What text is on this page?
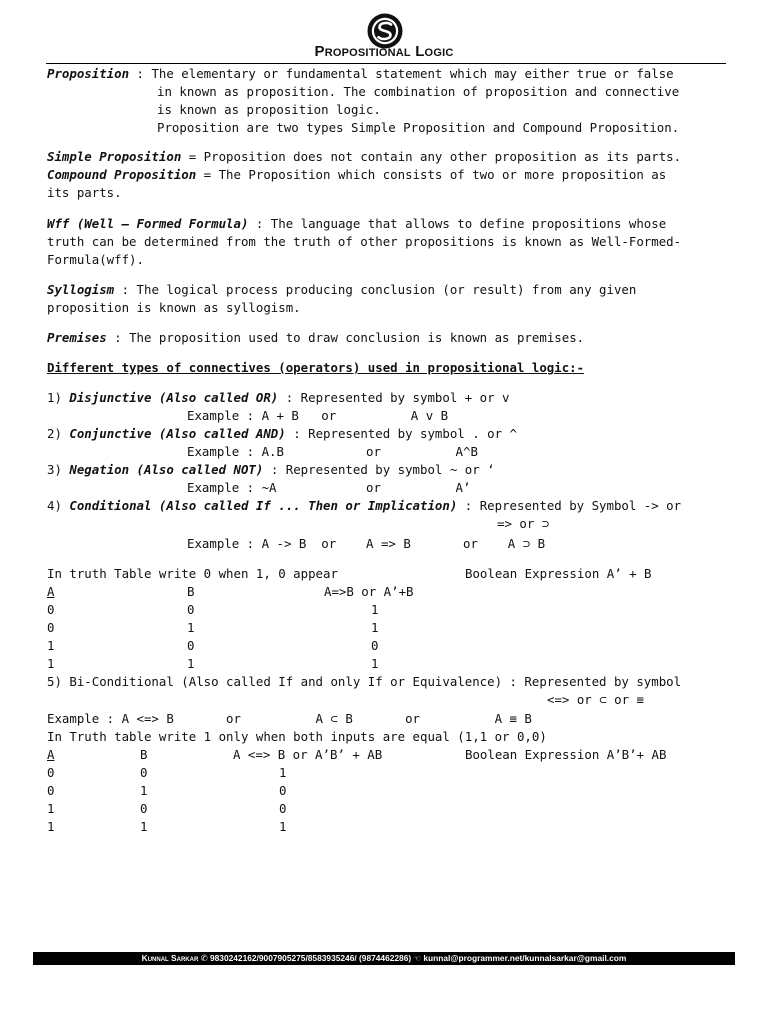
Propositional Logic
Proposition : The elementary or fundamental statement which may either true or false
in known as proposition. The combination of proposition and connective
is known as proposition logic.
Proposition are two types Simple Proposition and Compound Proposition.
Simple Proposition = Proposition does not contain any other proposition as its parts.
Compound Proposition = The Proposition which consists of two or more proposition as
its parts.
Wff (Well – Formed Formula) : The language that allows to define propositions whose
truth can be determined from the truth of other propositions is known as Well-Formed-
Formula(wff).
Syllogism : The logical process producing conclusion (or result) from any given
proposition is known as syllogism.
Premises : The proposition used to draw conclusion is known as premises.
Different types of connectives (operators) used in propositional logic:-
1) Disjunctive (Also called OR) : Represented by symbol + or v
Example : A + B   or          A v B
2) Conjunctive (Also called AND) : Represented by symbol . or ^
Example : A.B           or          A^B
3) Negation (Also called NOT) : Represented by symbol ~ or ‘
Example : ~A            or          A’
4) Conditional (Also called If ... Then or Implication) : Represented by Symbol -> or
=> or ⊃
Example : A -> B  or    A => B       or    A ⊃ B
In truth Table write 0 when 1, 0 appear	Boolean Expression A’ + B
A	B	A=>B or A’+B
0	0	1
0	1	1
1	0	0
1	1	1
5) Bi-Conditional (Also called If and only If or Equivalence) : Represented by symbol
<=> or ⊂ or ≡
Example : A <=> B       or          A ⊂ B       or          A ≡ B
In Truth table write 1 only when both inputs are equal (1,1 or 0,0)
A	B	A <=> B or A’B’ + AB	Boolean Expression A’B’+ AB
0	0	1
0	1	0
1	0	0
1	1	1
Kunnal Sarkar ✆ 9830242162/9007905275/8583935246/ (9874462286) ☜ kunnal@programmer.net/kunnalsarkar@gmail.com
